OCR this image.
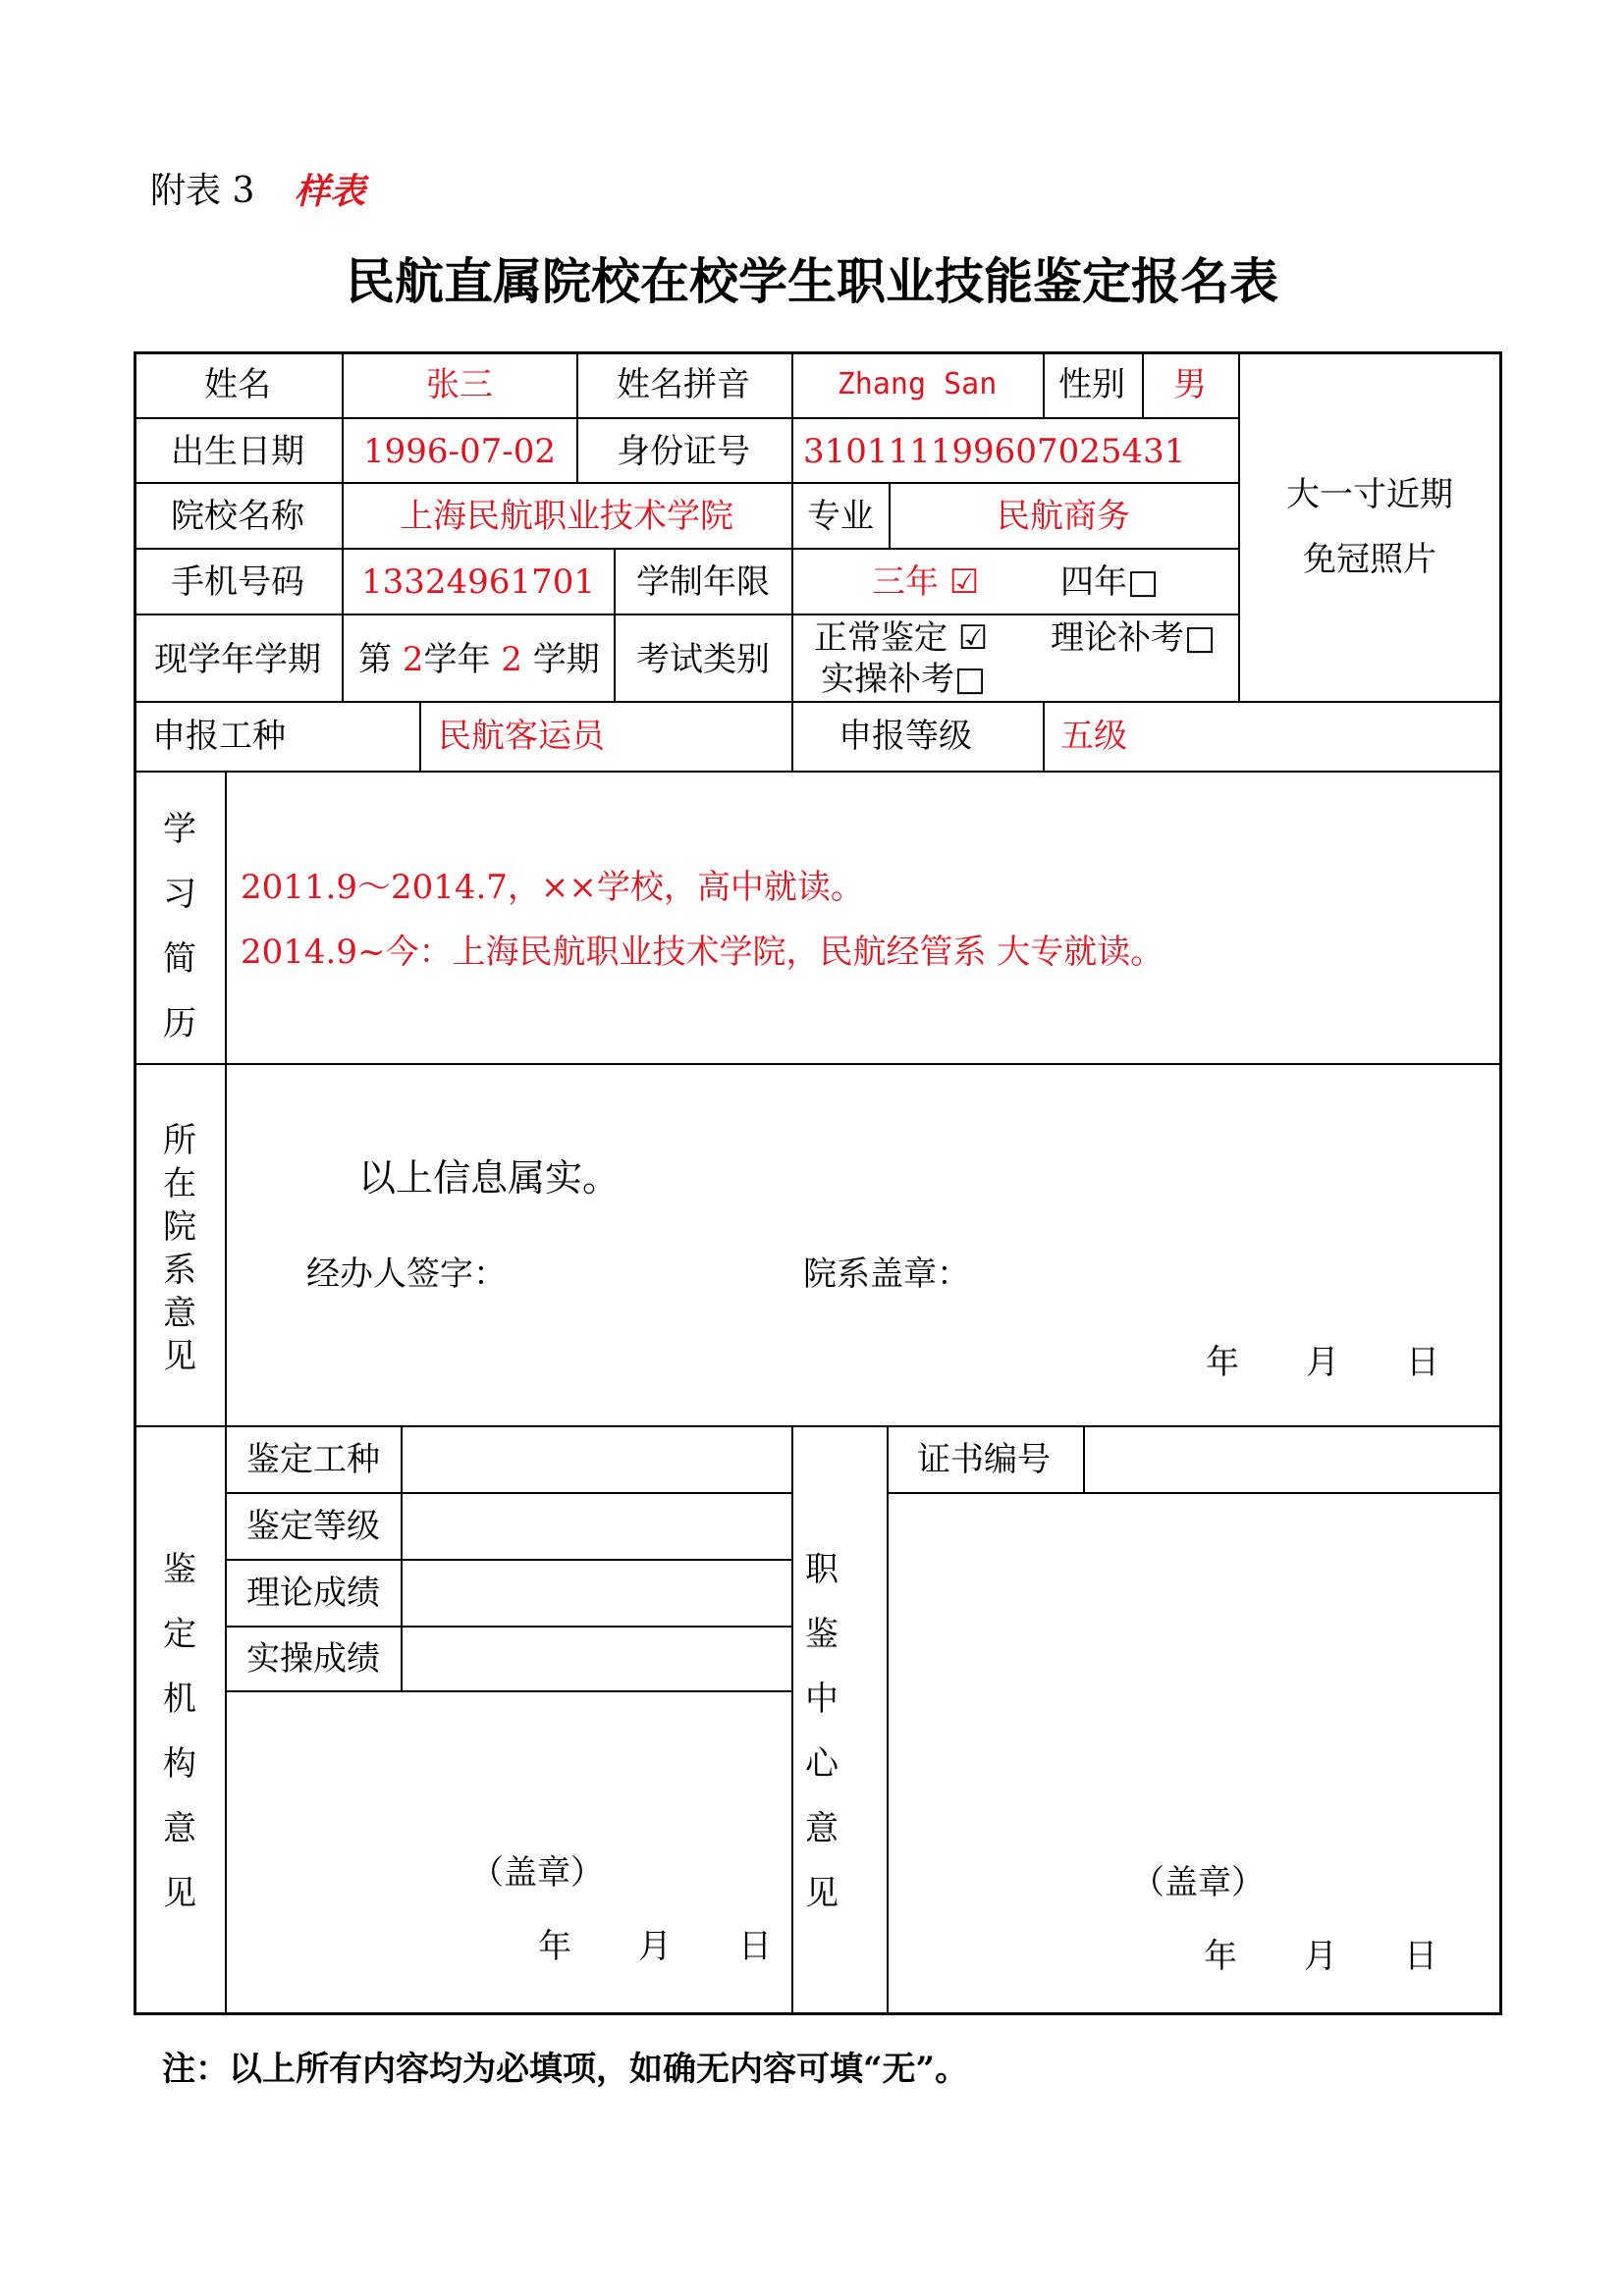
附表 3 样表
民航直属院校在校学生职业技能鉴定报名表
姓名	张三	姓名拼音	Zhang San 性别 男
大一寸近期
免冠照片
出生日期 1996-07-02 身份证号 310111199607025431
院校名称	上海民航职业技术学院 专业	民航商务
手机号码 13324961701 学制年限	三年 ☑ 四年□
现学年学期 第 2学年 2 学期 考试类别
正常鉴定 ☑ 理论补考□
实操补考□
申报工种	民航客运员	申报等级	五级
学
习
简
历
2011.9～2014.7，××学校，高中就读。
2014.9~今：上海民航职业技术学院，民航经管系 大专就读。
所
在
院
系
意
见
以上信息属实。
经办人签字：	院系盖章：
年　　月　　日
鉴
定
机
构
意
见
鉴定工种
鉴定等级
理论成绩
实操成绩
（盖章）
年　　月　　日
职
鉴
中
心
意
见
证书编号
（盖章）
年　　月　　日
注：以上所有内容均为必填项，如确无内容可填“无”。
